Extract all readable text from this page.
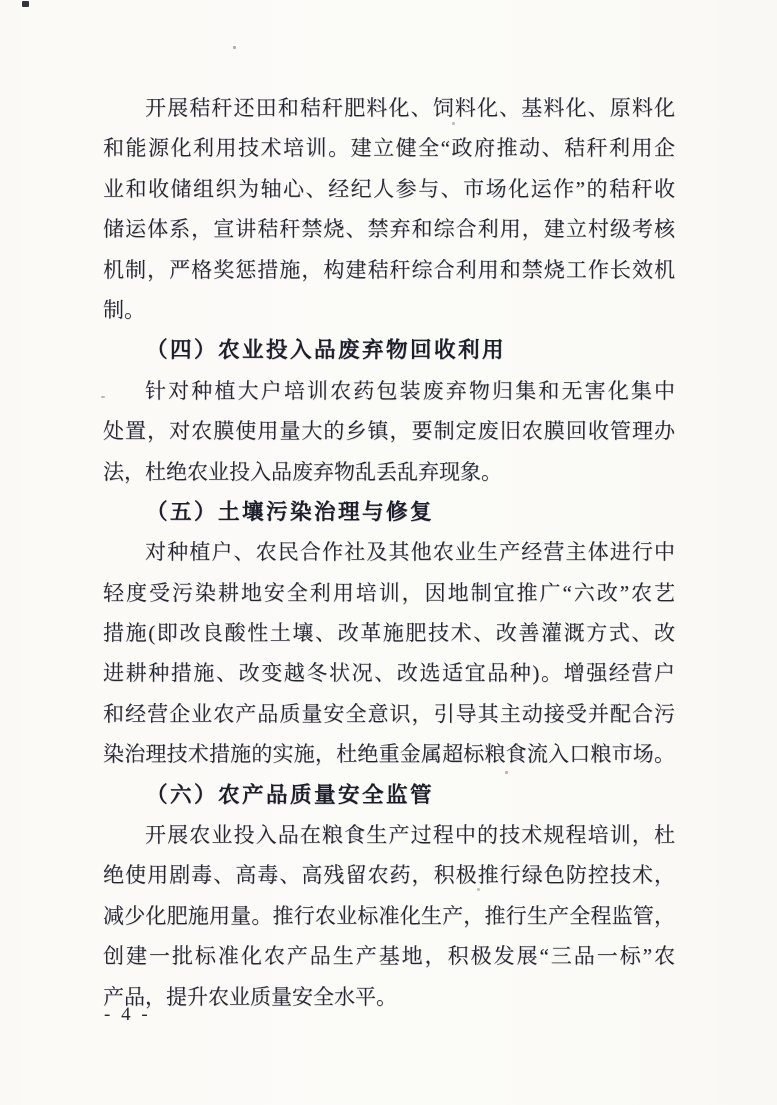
开展秸秆还田和秸秆肥料化、饲料化、基料化、原料化
和能源化利用技术培训。建立健全“政府推动、秸秆利用企
业和收储组织为轴心、经纪人参与、市场化运作”的秸秆收
储运体系，宣讲秸秆禁烧、禁弃和综合利用，建立村级考核
机制，严格奖惩措施，构建秸秆综合利用和禁烧工作长效机
制。
（四）农业投入品废弃物回收利用
针对种植大户培训农药包装废弃物归集和无害化集中
处置，对农膜使用量大的乡镇，要制定废旧农膜回收管理办
法，杜绝农业投入品废弃物乱丢乱弃现象。
（五）土壤污染治理与修复
对种植户、农民合作社及其他农业生产经营主体进行中
轻度受污染耕地安全利用培训，因地制宜推广“六改”农艺
措施(即改良酸性土壤、改革施肥技术、改善灌溉方式、改
进耕种措施、改变越冬状况、改选适宜品种)。增强经营户
和经营企业农产品质量安全意识，引导其主动接受并配合污
染治理技术措施的实施，杜绝重金属超标粮食流入口粮市场。
（六）农产品质量安全监管
开展农业投入品在粮食生产过程中的技术规程培训，杜
绝使用剧毒、高毒、高残留农药，积极推行绿色防控技术，
减少化肥施用量。推行农业标准化生产，推行生产全程监管，
创建一批标准化农产品生产基地，积极发展“三品一标”农
产品，提升农业质量安全水平。
- 4 -
